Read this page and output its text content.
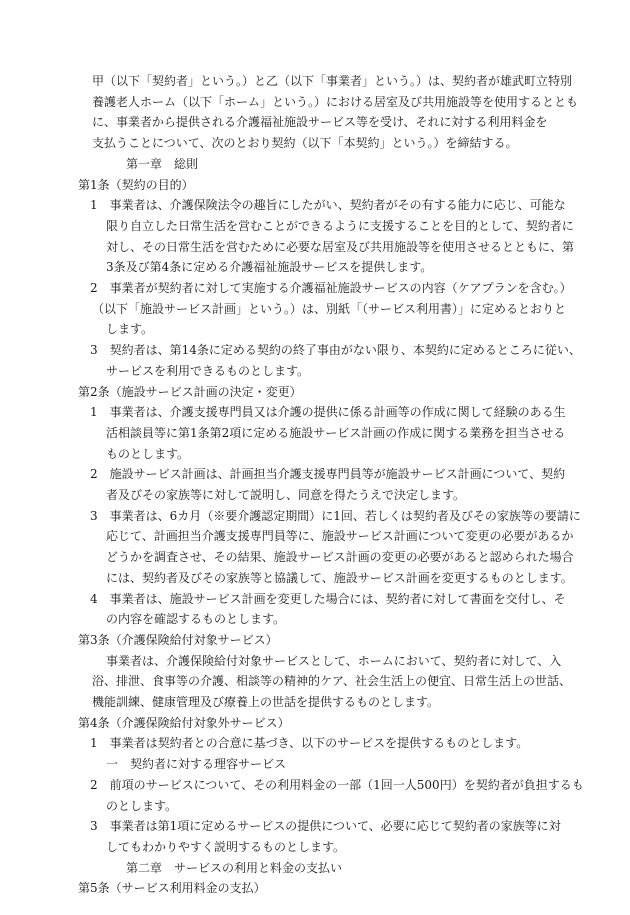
甲（以下「契約者」という。）と乙（以下「事業者」という。）は、契約者が雄武町立特別
養護老人ホーム（以下「ホーム」という。）における居室及び共用施設等を使用するととも
に、事業者から提供される介護福祉施設サービス等を受け、それに対する利用料金を
支払うことについて、次のとおり契約（以下「本契約」という。）を締結する。
第一章　総則
第1条（契約の目的）
1　事業者は、介護保険法令の趣旨にしたがい、契約者がその有する能力に応じ、可能な
限り自立した日常生活を営むことができるように支援することを目的として、契約者に
対し、その日常生活を営むために必要な居室及び共用施設等を使用させるとともに、第
3条及び第4条に定める介護福祉施設サービスを提供します。
2　事業者が契約者に対して実施する介護福祉施設サービスの内容（ケアプランを含む。）
（以下「施設サービス計画」という。）は、別紙「（サービス利用書）」に定めるとおりと
します。
3　契約者は、第14条に定める契約の終了事由がない限り、本契約に定めるところに従い、
サービスを利用できるものとします。
第2条（施設サービス計画の決定・変更）
1　事業者は、介護支援専門員又は介護の提供に係る計画等の作成に関して経験のある生
活相談員等に第1条第2項に定める施設サービス計画の作成に関する業務を担当させる
ものとします。
2　施設サービス計画は、計画担当介護支援専門員等が施設サービス計画について、契約
者及びその家族等に対して説明し、同意を得たうえで決定します。
3　事業者は、6カ月（※要介護認定期間）に1回、若しくは契約者及びその家族等の要請に
応じて、計画担当介護支援専門員等に、施設サービス計画について変更の必要があるか
どうかを調査させ、その結果、施設サービス計画の変更の必要があると認められた場合
には、契約者及びその家族等と協議して、施設サービス計画を変更するものとします。
4　事業者は、施設サービス計画を変更した場合には、契約者に対して書面を交付し、そ
の内容を確認するものとします。
第3条（介護保険給付対象サービス）
事業者は、介護保険給付対象サービスとして、ホームにおいて、契約者に対して、入
浴、排泄、食事等の介護、相談等の精神的ケア、社会生活上の便宜、日常生活上の世話、
機能訓練、健康管理及び療養上の世話を提供するものとします。
第4条（介護保険給付対象外サービス）
1　事業者は契約者との合意に基づき、以下のサービスを提供するものとします。
一　契約者に対する理容サービス
2　前項のサービスについて、その利用料金の一部（1回一人500円）を契約者が負担するも
のとします。
3　事業者は第1項に定めるサービスの提供について、必要に応じて契約者の家族等に対
してもわかりやすく説明するものとします。
第二章　サービスの利用と料金の支払い
第5条（サービス利用料金の支払）
